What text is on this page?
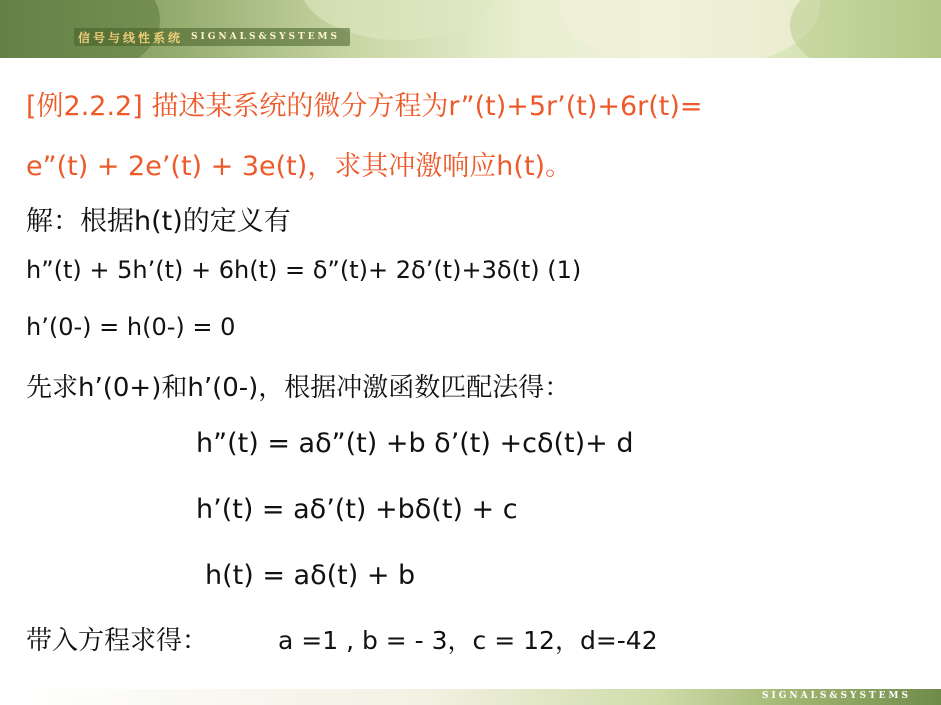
信号与线性系统 SIGNALS&SYSTEMS
[例2.2.2] 描述某系统的微分方程为r”(t)+5r’(t)+6r(t)=
e”(t) + 2e’(t) + 3e(t)，求其冲激响应h(t)。
解：根据h(t)的定义有
h”(t) + 5h’(t) + 6h(t) = δ”(t)+ 2δ’(t)+3δ(t) (1)
h’(0-) = h(0-) = 0
先求h’(0+)和h’(0-)，根据冲激函数匹配法得：
h”(t) = aδ”(t) +b δ’(t) +cδ(t)+ d
h’(t) = aδ’(t) +bδ(t) + c
h(t) = aδ(t) + b
带入方程求得：	a =1 , b = - 3，c = 12，d=-42
SIGNALS&SYSTEMS
